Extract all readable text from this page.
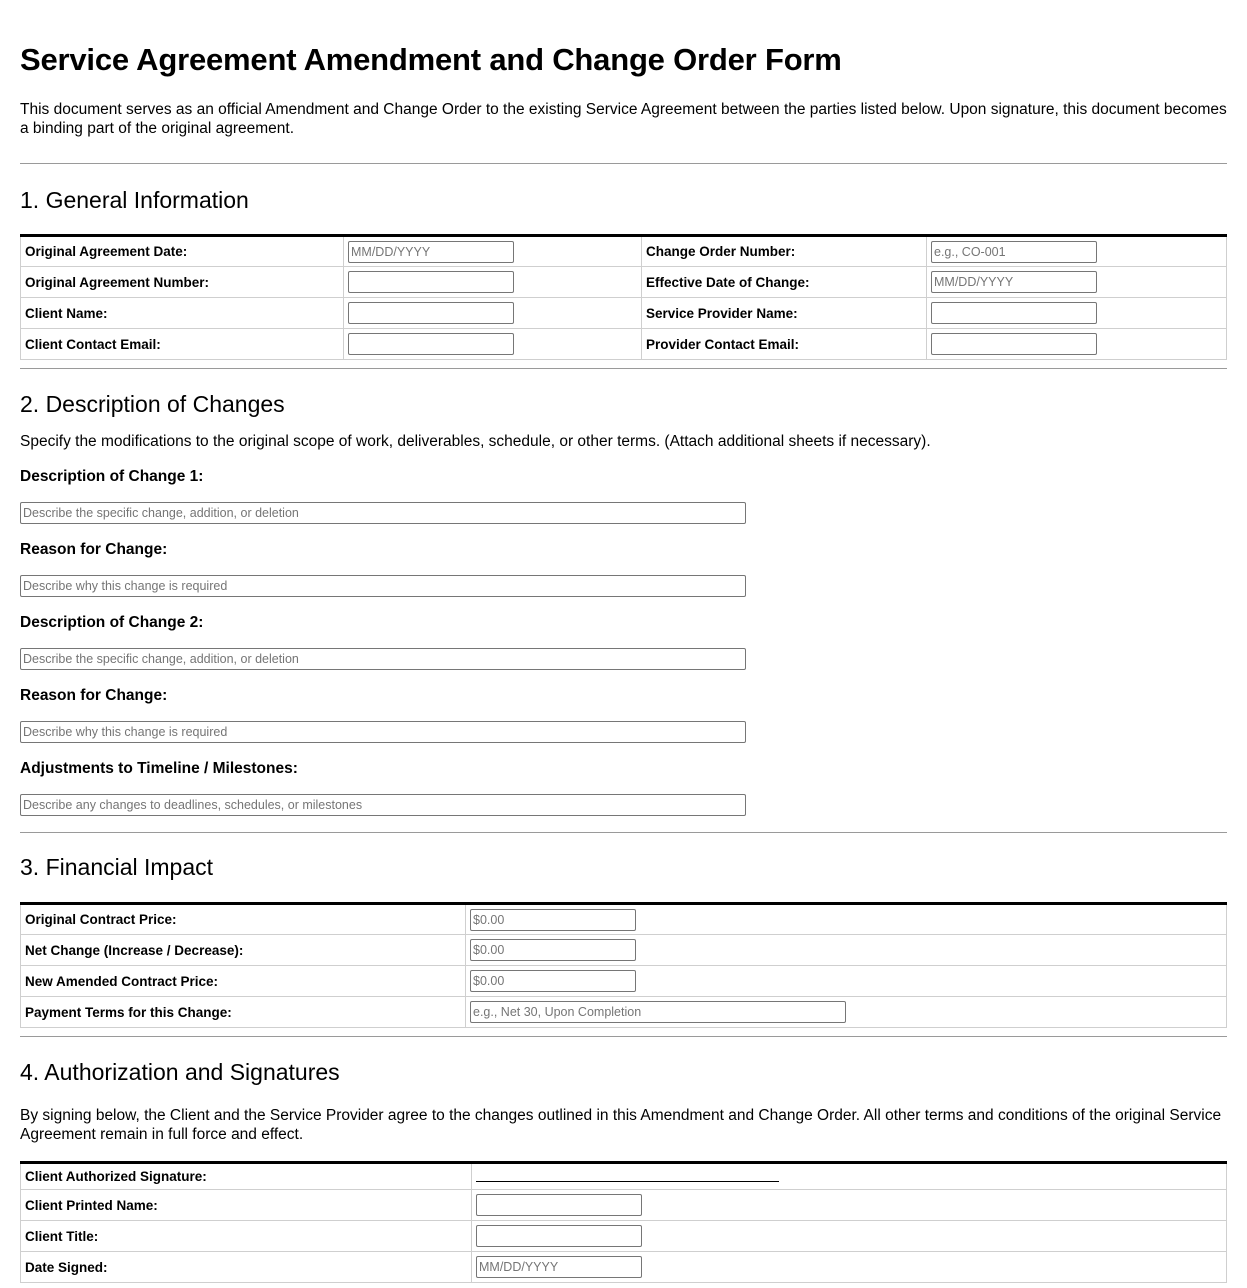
Service Agreement Amendment and Change Order Form

This document serves as an official Amendment and Change Order to the existing Service Agreement between the parties listed below. Upon signature, this document becomes a binding part of the original agreement.

1. General Information
Original Agreement Date:	MM/DD/YYYY	Change Order Number:	e.g., CO-001
Original Agreement Number:		Effective Date of Change:	MM/DD/YYYY
Client Name:		Service Provider Name:	
Client Contact Email:		Provider Contact Email:	
2. Description of Changes

Specify the modifications to the original scope of work, deliverables, schedule, or other terms. (Attach additional sheets if necessary).

Description of Change 1:

Describe the specific change, addition, or deletion

Reason for Change:

Describe why this change is required

Description of Change 2:

Describe the specific change, addition, or deletion

Reason for Change:

Describe why this change is required

Adjustments to Timeline / Milestones:

Describe any changes to deadlines, schedules, or milestones
3. Financial Impact
Original Contract Price:	$0.00
Net Change (Increase / Decrease):	$0.00
New Amended Contract Price:	$0.00
Payment Terms for this Change:	e.g., Net 30, Upon Completion
4. Authorization and Signatures

By signing below, the Client and the Service Provider agree to the changes outlined in this Amendment and Change Order. All other terms and conditions of the original Service Agreement remain in full force and effect.

Client Authorized Signature:	
Client Printed Name:	
Client Title:	
Date Signed:	MM/DD/YYYY
